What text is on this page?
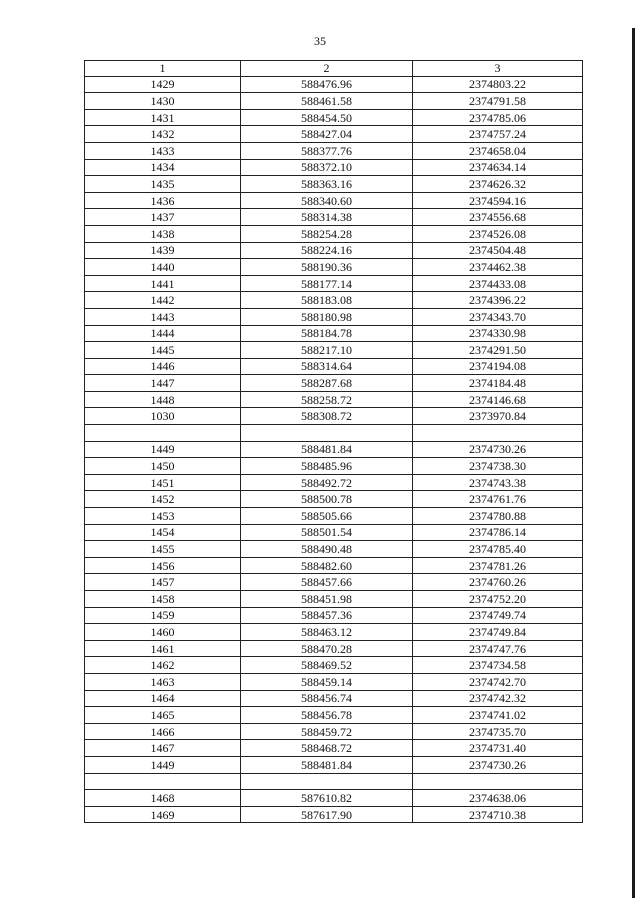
35
1	2	3
1429	588476.96	2374803.22
1430	588461.58	2374791.58
1431	588454.50	2374785.06
1432	588427.04	2374757.24
1433	588377.76	2374658.04
1434	588372.10	2374634.14
1435	588363.16	2374626.32
1436	588340.60	2374594.16
1437	588314.38	2374556.68
1438	588254.28	2374526.08
1439	588224.16	2374504.48
1440	588190.36	2374462.38
1441	588177.14	2374433.08
1442	588183.08	2374396.22
1443	588180.98	2374343.70
1444	588184.78	2374330.98
1445	588217.10	2374291.50
1446	588314.64	2374194.08
1447	588287.68	2374184.48
1448	588258.72	2374146.68
1030	588308.72	2373970.84

1449	588481.84	2374730.26
1450	588485.96	2374738.30
1451	588492.72	2374743.38
1452	588500.78	2374761.76
1453	588505.66	2374780.88
1454	588501.54	2374786.14
1455	588490.48	2374785.40
1456	588482.60	2374781.26
1457	588457.66	2374760.26
1458	588451.98	2374752.20
1459	588457.36	2374749.74
1460	588463.12	2374749.84
1461	588470.28	2374747.76
1462	588469.52	2374734.58
1463	588459.14	2374742.70
1464	588456.74	2374742.32
1465	588456.78	2374741.02
1466	588459.72	2374735.70
1467	588468.72	2374731.40
1449	588481.84	2374730.26

1468	587610.82	2374638.06
1469	587617.90	2374710.38
